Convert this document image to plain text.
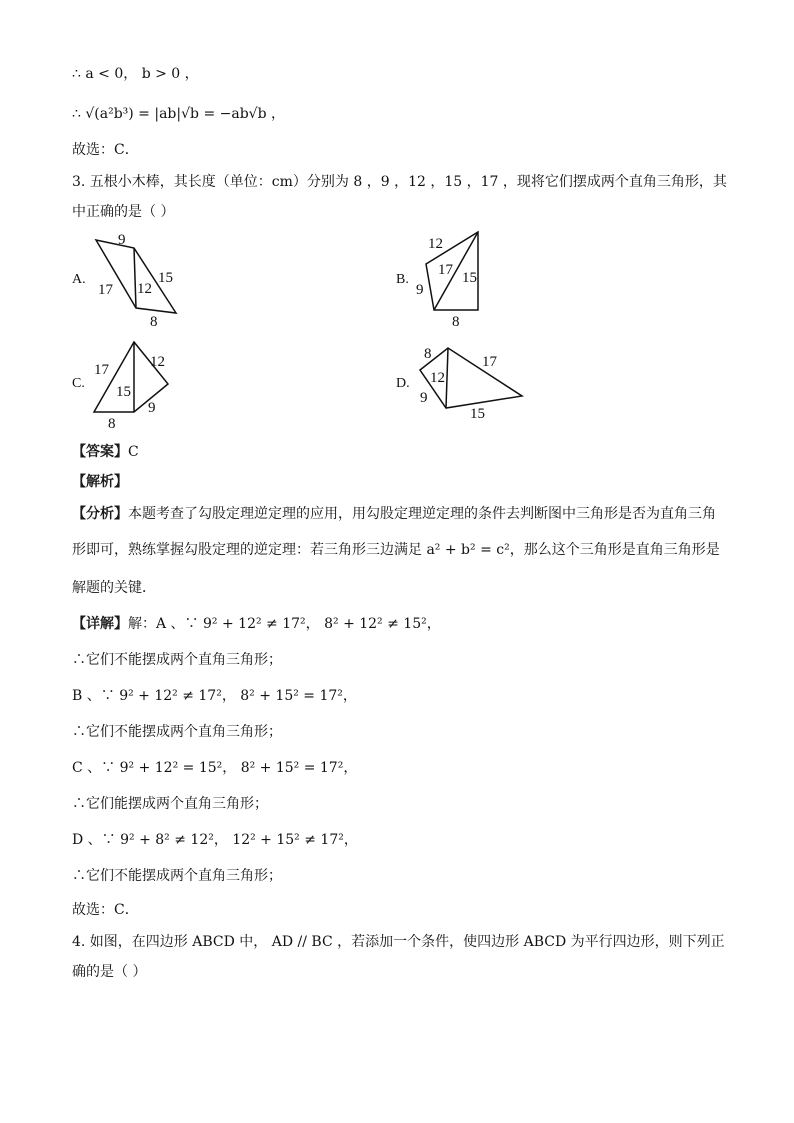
∴ a < 0， b > 0 ，
∴ √(a²b³) = |ab|√b = −ab√b ，
故选：C．
3. 五根小木棒，其长度（单位：cm）分别为 8 ，9 ，12 ，15 ，17 ，现将它们摆成两个直角三角形，其
中正确的是（ ）
A.
9
17 12
15
8
B.
12
17 15
9
8
C.
17	12
15
8
9
D.
8	17
12
9
15
【答案】C
【解析】
【分析】本题考查了勾股定理逆定理的应用，用勾股定理逆定理的条件去判断图中三角形是否为直角三角
形即可，熟练掌握勾股定理的逆定理：若三角形三边满足 a² + b² = c²，那么这个三角形是直角三角形是
解题的关键．
【详解】解：A 、∵ 9² + 12² ≠ 17²， 8² + 12² ≠ 15²，
∴它们不能摆成两个直角三角形；
B 、∵ 9² + 12² ≠ 17²， 8² + 15² = 17²，
∴它们不能摆成两个直角三角形；
C 、∵ 9² + 12² = 15²， 8² + 15² = 17²，
∴它们能摆成两个直角三角形；
D 、∵ 9² + 8² ≠ 12²， 12² + 15² ≠ 17²，
∴它们不能摆成两个直角三角形；
故选：C．
4. 如图，在四边形 ABCD 中， AD // BC ，若添加一个条件，使四边形 ABCD 为平行四边形，则下列正
确的是（ ）
